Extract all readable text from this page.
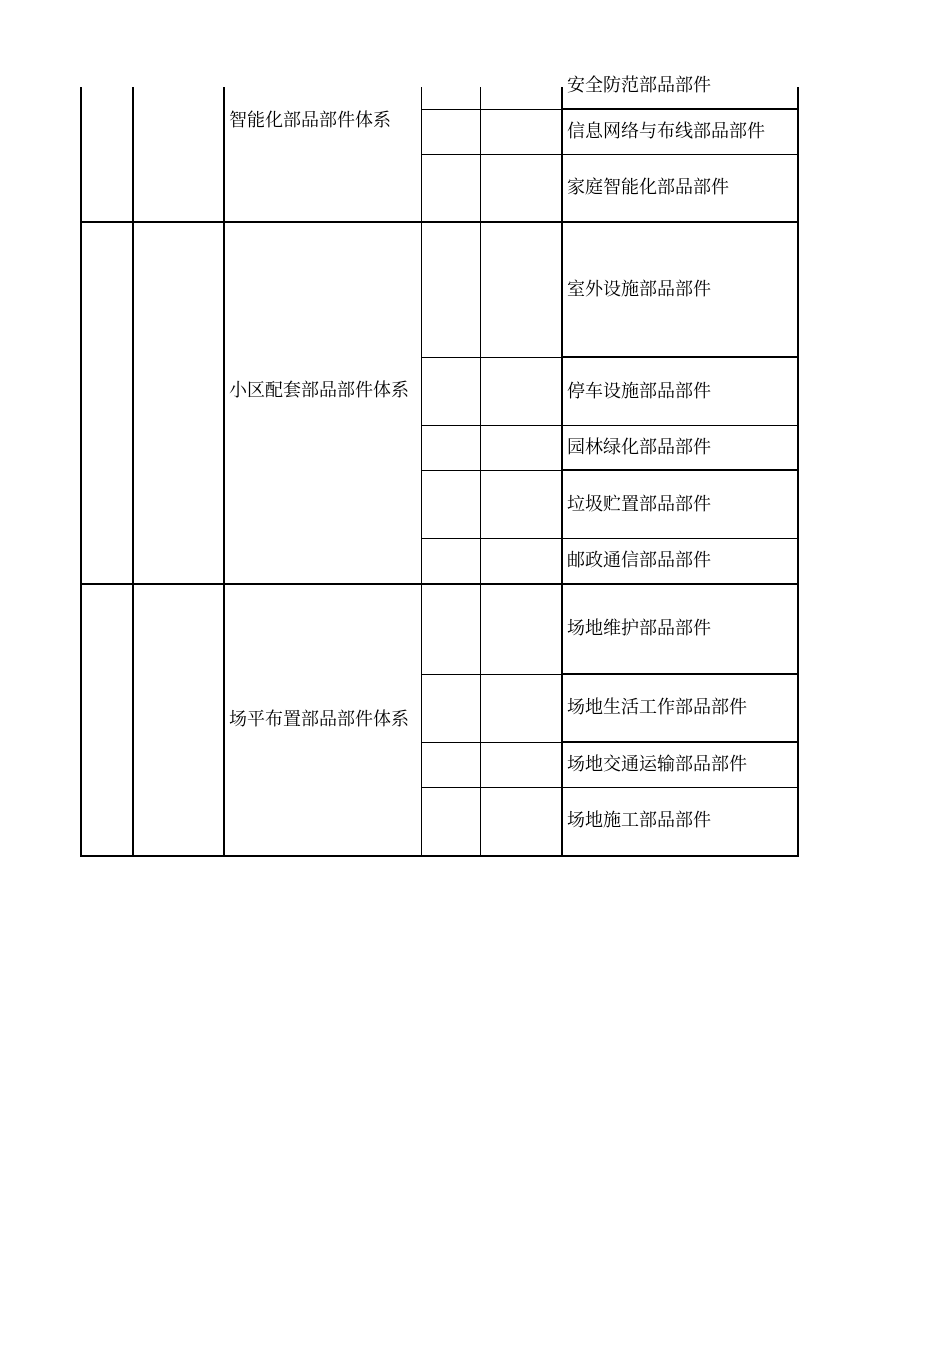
智能化部品部件体系
安全防范部品部件
信息网络与布线部品部件
家庭智能化部品部件
小区配套部品部件体系
室外设施部品部件
停车设施部品部件
园林绿化部品部件
垃圾贮置部品部件
邮政通信部品部件
场平布置部品部件体系
场地维护部品部件
场地生活工作部品部件
场地交通运输部品部件
场地施工部品部件
